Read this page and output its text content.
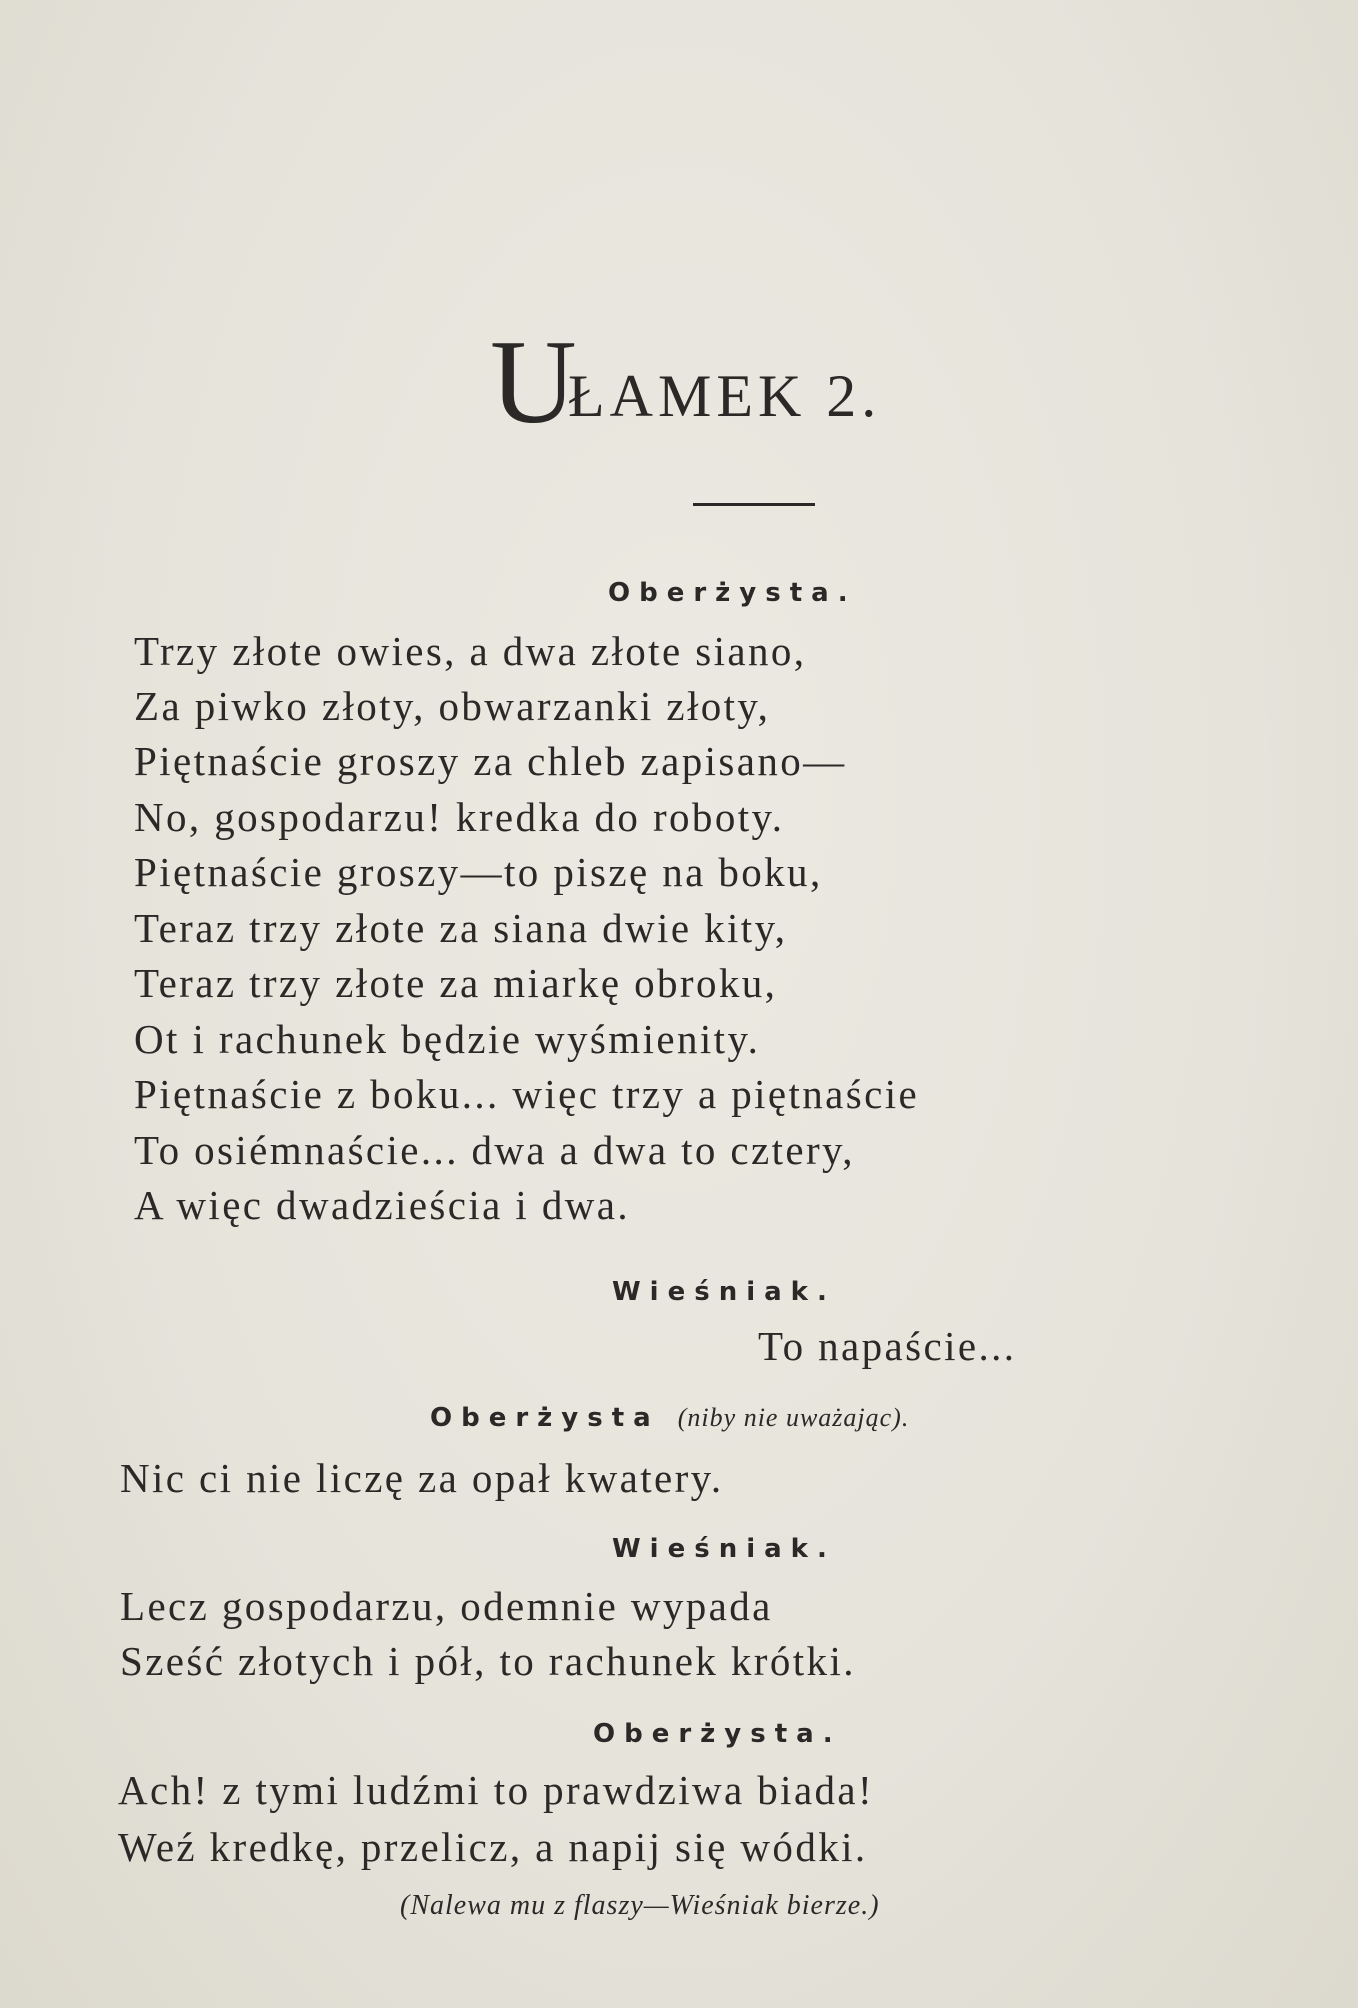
U
ŁAMEK 2.
Oberżysta.
Trzy złote owies, a dwa złote siano,
Za piwko złoty, obwarzanki złoty,
Piętnaście groszy za chleb zapisano—
No, gospodarzu! kredka do roboty.
Piętnaście groszy—to piszę na boku,
Teraz trzy złote za siana dwie kity,
Teraz trzy złote za miarkę obroku,
Ot i rachunek będzie wyśmienity.
Piętnaście z boku... więc trzy a piętnaście
To osiémnaście... dwa a dwa to cztery,
A więc dwadzieścia i dwa.
Wieśniak.
To napaście...
Oberżysta (niby nie uważając).
Nic ci nie liczę za opał kwatery.
Wieśniak.
Lecz gospodarzu, odemnie wypada
Sześć złotych i pół, to rachunek krótki.
Oberżysta.
Ach! z tymi ludźmi to prawdziwa biada!
Weź kredkę, przelicz, a napij się wódki.
(Nalewa mu z flaszy—Wieśniak bierze.)
